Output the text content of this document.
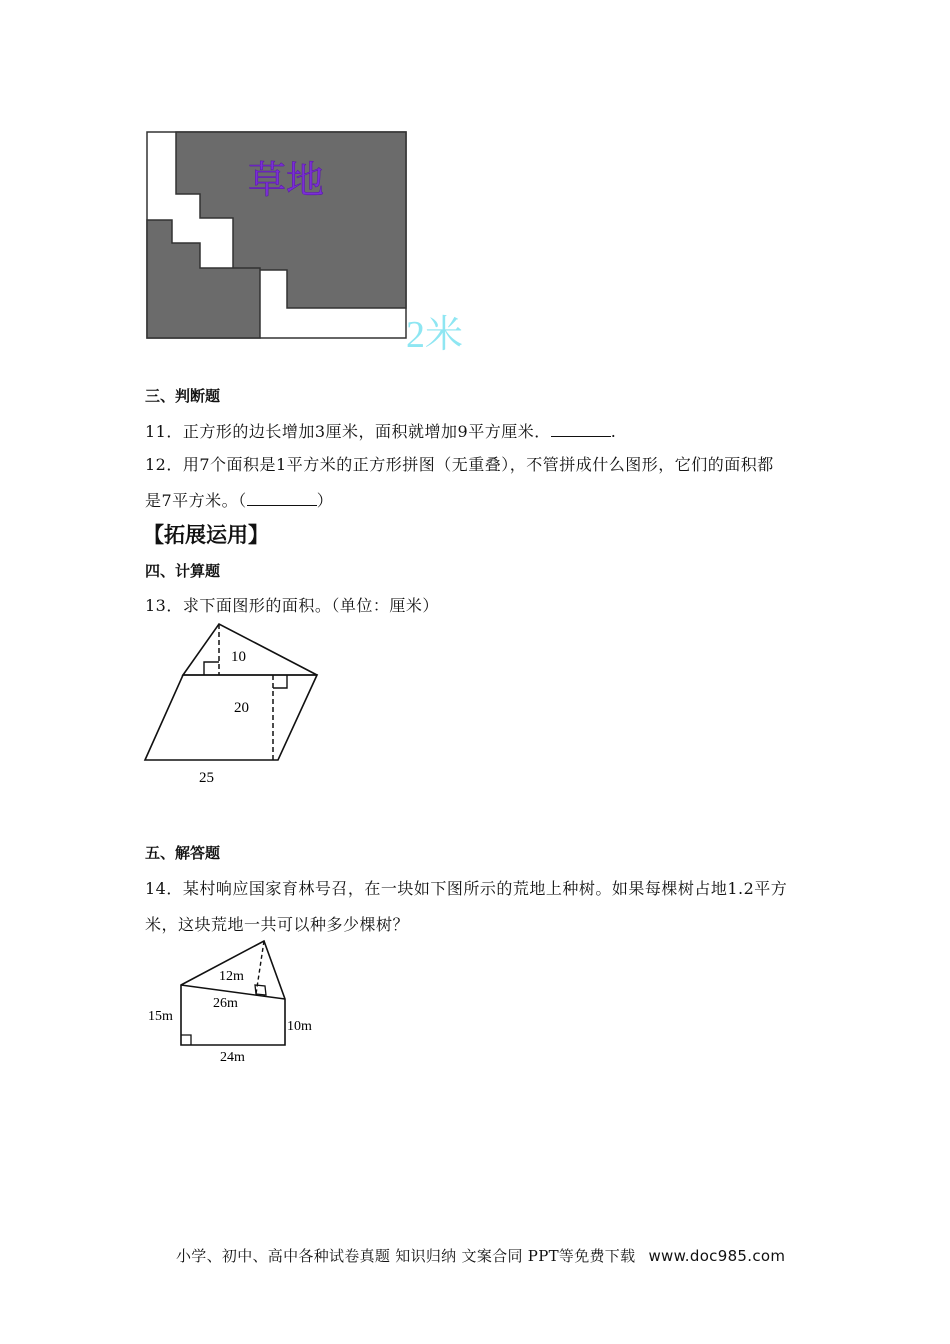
草地
2米
三、判断题
11．正方形的边长增加3厘米，面积就增加9平方厘米．	.
12．用7个面积是1平方米的正方形拼图（无重叠），不管拼成什么图形，它们的面积都
是7平方米。（	）
【拓展运用】
四、计算题
13．求下面图形的面积。（单位：厘米）
10
20
25
五、解答题
14．某村响应国家育林号召，在一块如下图所示的荒地上种树。如果每棵树占地1.2平方
米，这块荒地一共可以种多少棵树？
12m
26m
15m
10m
24m
小学、初中、高中各种试卷真题 知识归纳 文案合同 PPT等免费下载 www.doc985.com
